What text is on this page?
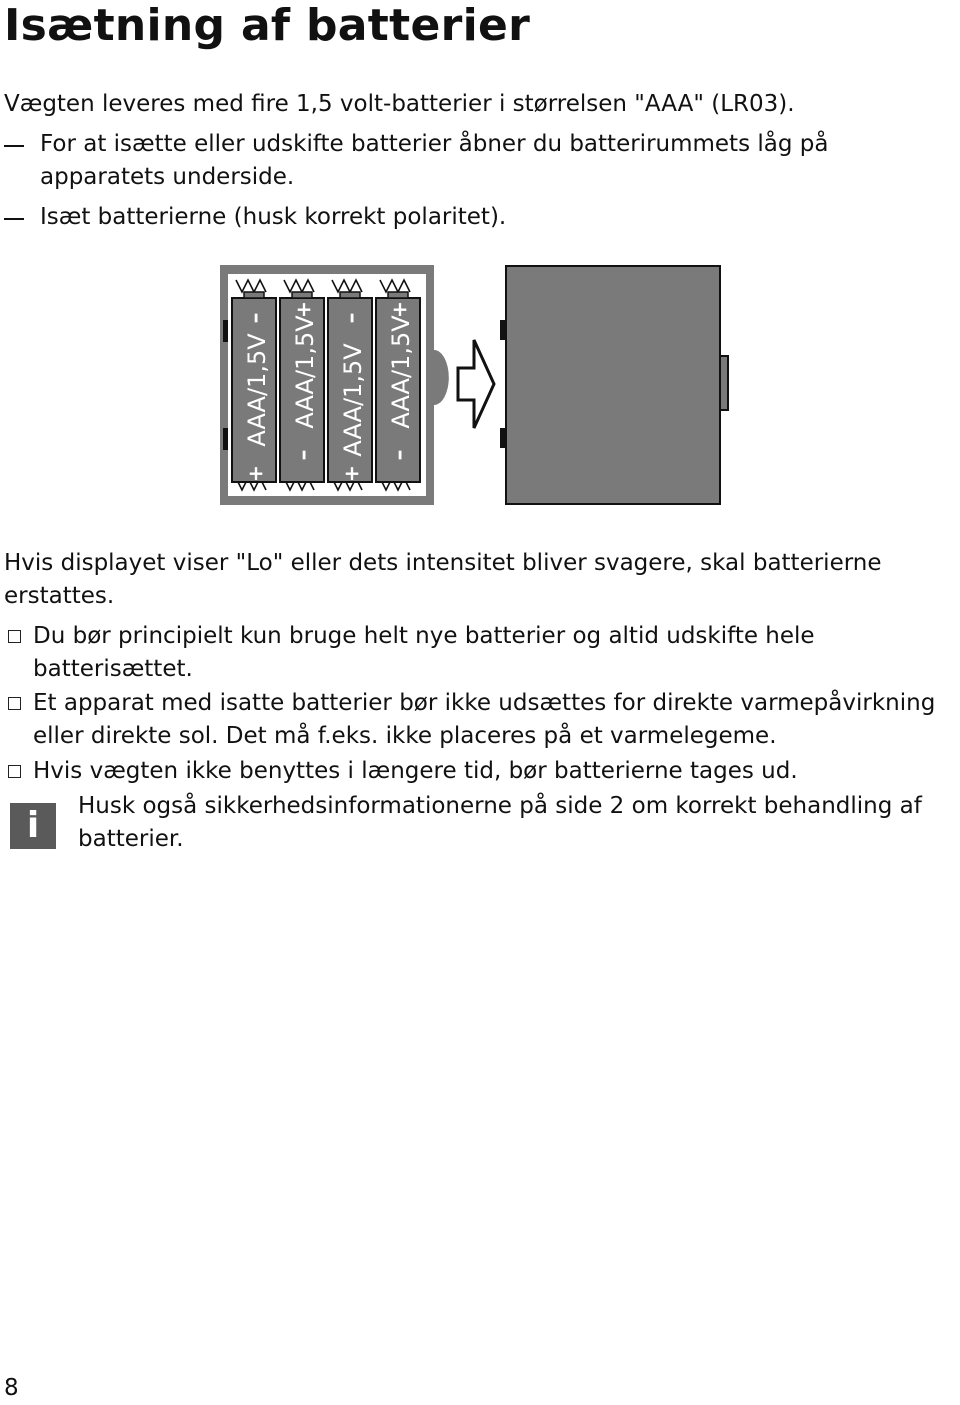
Isætning af batterier

Vægten leveres med fire 1,5 volt-batterier i størrelsen "AAA" (LR03).

For at isætte eller udskifte batterier åbner du batterirummets låg på apparatets underside.
Isæt batterierne (husk korrekt polaritet).
AAA/1,5V
+
– AAA/1,5V
+
– AAA/1,5V
+
– AAA/1,5V
+
–

Hvis displayet viser "Lo" eller dets intensitet bliver svagere, skal batterierne erstattes.

Du bør principielt kun bruge helt nye batterier og altid udskifte hele batterisættet.
Et apparat med isatte batterier bør ikke udsættes for direkte varmepåvirkning eller direkte sol. Det må f.eks. ikke placeres på et varmelegeme.
Hvis vægten ikke benyttes i længere tid, bør batterierne tages ud.
i	Husk også sikkerhedsinformationerne på side 2 om korrekt behandling af batterier.
8
